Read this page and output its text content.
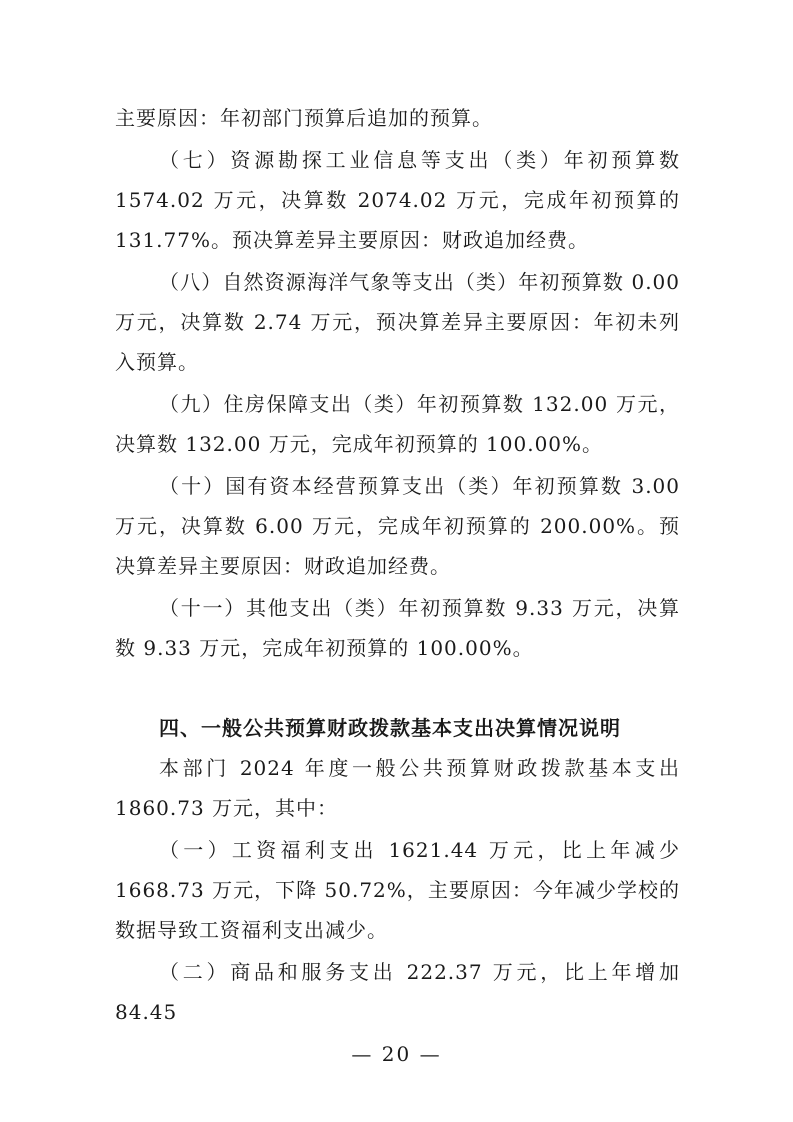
主要原因：年初部门预算后追加的预算。

（七）资源勘探工业信息等支出（类）年初预算数1574.02 万元，决算数 2074.02 万元，完成年初预算的131.77%。预决算差异主要原因：财政追加经费。

（八）自然资源海洋气象等支出（类）年初预算数 0.00 万元，决算数 2.74 万元，预决算差异主要原因：年初未列入预算。

（九）住房保障支出（类）年初预算数 132.00 万元，决算数 132.00 万元，完成年初预算的 100.00%。

（十）国有资本经营预算支出（类）年初预算数 3.00 万元，决算数 6.00 万元，完成年初预算的 200.00%。预决算差异主要原因：财政追加经费。

（十一）其他支出（类）年初预算数 9.33 万元，决算数 9.33 万元，完成年初预算的 100.00%。

四、一般公共预算财政拨款基本支出决算情况说明

本部门 2024 年度一般公共预算财政拨款基本支出1860.73 万元，其中：

（一）工资福利支出 1621.44 万元，比上年减少 1668.73 万元，下降 50.72%，主要原因：今年减少学校的数据导致工资福利支出减少。

（二）商品和服务支出 222.37 万元，比上年增加 84.45

— 20 —
